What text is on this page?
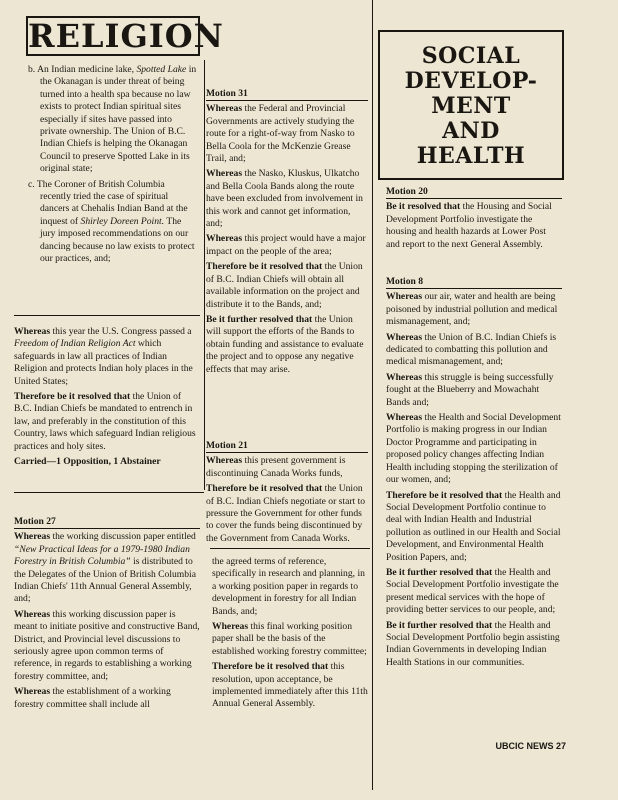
RELIGION

b. An Indian medicine lake, Spotted Lake in the Okanagan is under threat of being turned into a health spa because no law exists to protect Indian spiritual sites especially if sites have passed into private ownership. The Union of B.C. Indian Chiefs is helping the Okanagan Council to preserve Spotted Lake in its original state;

c. The Coroner of British Columbia recently tried the case of spiritual dancers at Chehalis Indian Band at the inquest of Shirley Doreen Point. The jury imposed recommendations on our dancing because no law exists to protect our practices, and;

Whereas this year the U.S. Congress passed a Freedom of Indian Religion Act which safeguards in law all practices of Indian Religion and protects Indian holy places in the United States;

Therefore be it resolved that the Union of B.C. Indian Chiefs be mandated to entrench in law, and preferably in the constitution of this Country, laws which safeguard Indian religious practices and holy sites.

Carried—1 Opposition, 1 Abstainer

Motion 31

Whereas the Federal and Provincial Governments are actively studying the route for a right-of-way from Nasko to Bella Coola for the McKenzie Grease Trail, and;

Whereas the Nasko, Kluskus, Ulkatcho and Bella Coola Bands along the route have been excluded from involvement in this work and cannot get information, and;

Whereas this project would have a major impact on the people of the area;

Therefore be it resolved that the Union of B.C. Indian Chiefs will obtain all available information on the project and distribute it to the Bands, and;

Be it further resolved that the Union will support the efforts of the Bands to obtain funding and assistance to evaluate the project and to oppose any negative effects that may arise.

Motion 21

Whereas this present government is discontinuing Canada Works funds,

Therefore be it resolved that the Union of B.C. Indian Chiefs negotiate or start to pressure the Government for other funds to cover the funds being discontinued by the Government from Canada Works.

Motion 27

Whereas the working discussion paper entitled “New Practical Ideas for a 1979-1980 Indian Forestry in British Columbia” is distributed to the Delegates of the Union of British Columbia Indian Chiefs' 11th Annual General Assembly, and;

Whereas this working discussion paper is meant to initiate positive and constructive Band, District, and Provincial level discussions to seriously agree upon common terms of reference, in regards to establishing a working forestry committee, and;

Whereas the establishment of a working forestry committee shall include all

the agreed terms of reference, specifically in research and planning, in a working position paper in regards to development in forestry for all Indian Bands, and;

Whereas this final working position paper shall be the basis of the established working forestry committee;

Therefore be it resolved that this resolution, upon acceptance, be implemented immediately after this 11th Annual General Assembly.

SOCIAL
DEVELOP-
MENT
AND HEALTH
Motion 20

Be it resolved that the Housing and Social Development Portfolio investigate the housing and health hazards at Lower Post and report to the next General Assembly.

Motion 8

Whereas our air, water and health are being poisoned by industrial pollution and medical mismanagement, and;

Whereas the Union of B.C. Indian Chiefs is dedicated to combatting this pollution and medical mismanagement, and;

Whereas this struggle is being successfully fought at the Blueberry and Mowachaht Bands and;

Whereas the Health and Social Development Portfolio is making progress in our Indian Doctor Programme and participating in proposed policy changes affecting Indian Health including stopping the sterilization of our women, and;

Therefore be it resolved that the Health and Social Development Portfolio continue to deal with Indian Health and Industrial pollution as outlined in our Health and Social Development, and Environmental Health Position Papers, and;

Be it further resolved that the Health and Social Development Portfolio investigate the present medical services with the hope of providing better services to our people, and;

Be it further resolved that the Health and Social Development Portfolio begin assisting Indian Governments in developing Indian Health Stations in our communities.

UBCIC NEWS 27
